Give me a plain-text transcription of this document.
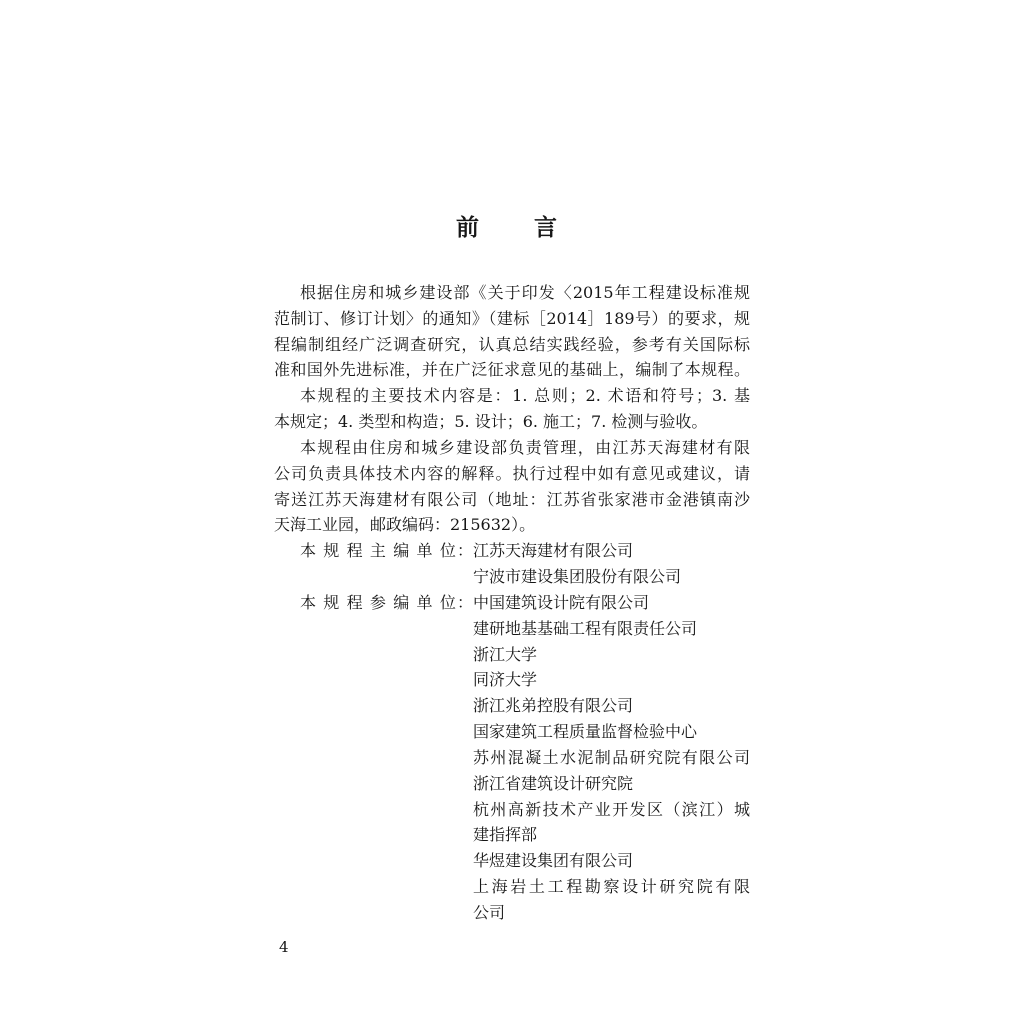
前 言
根据住房和城乡建设部《关于印发〈2015年工程建设标准规
范制订、修订计划〉的通知》（建标［2014］189号）的要求，规
程编制组经广泛调查研究，认真总结实践经验，参考有关国际标
准和国外先进标准，并在广泛征求意见的基础上，编制了本规程。
本规程的主要技术内容是：1. 总则；2. 术语和符号；3. 基
本规定；4. 类型和构造；5. 设计；6. 施工；7. 检测与验收。
本规程由住房和城乡建设部负责管理，由江苏天海建材有限
公司负责具体技术内容的解释。执行过程中如有意见或建议，请
寄送江苏天海建材有限公司（地址：江苏省张家港市金港镇南沙
天海工业园，邮政编码：215632）。
本 规 程 主 编 单 位：江苏天海建材有限公司
宁波市建设集团股份有限公司
本 规 程 参 编 单 位：中国建筑设计院有限公司
建研地基基础工程有限责任公司
浙江大学
同济大学
浙江兆弟控股有限公司
国家建筑工程质量监督检验中心
苏州混凝土水泥制品研究院有限公司
浙江省建筑设计研究院
杭州高新技术产业开发区（滨江）城
建指挥部
华煜建设集团有限公司
上海岩土工程勘察设计研究院有限
公司
4
